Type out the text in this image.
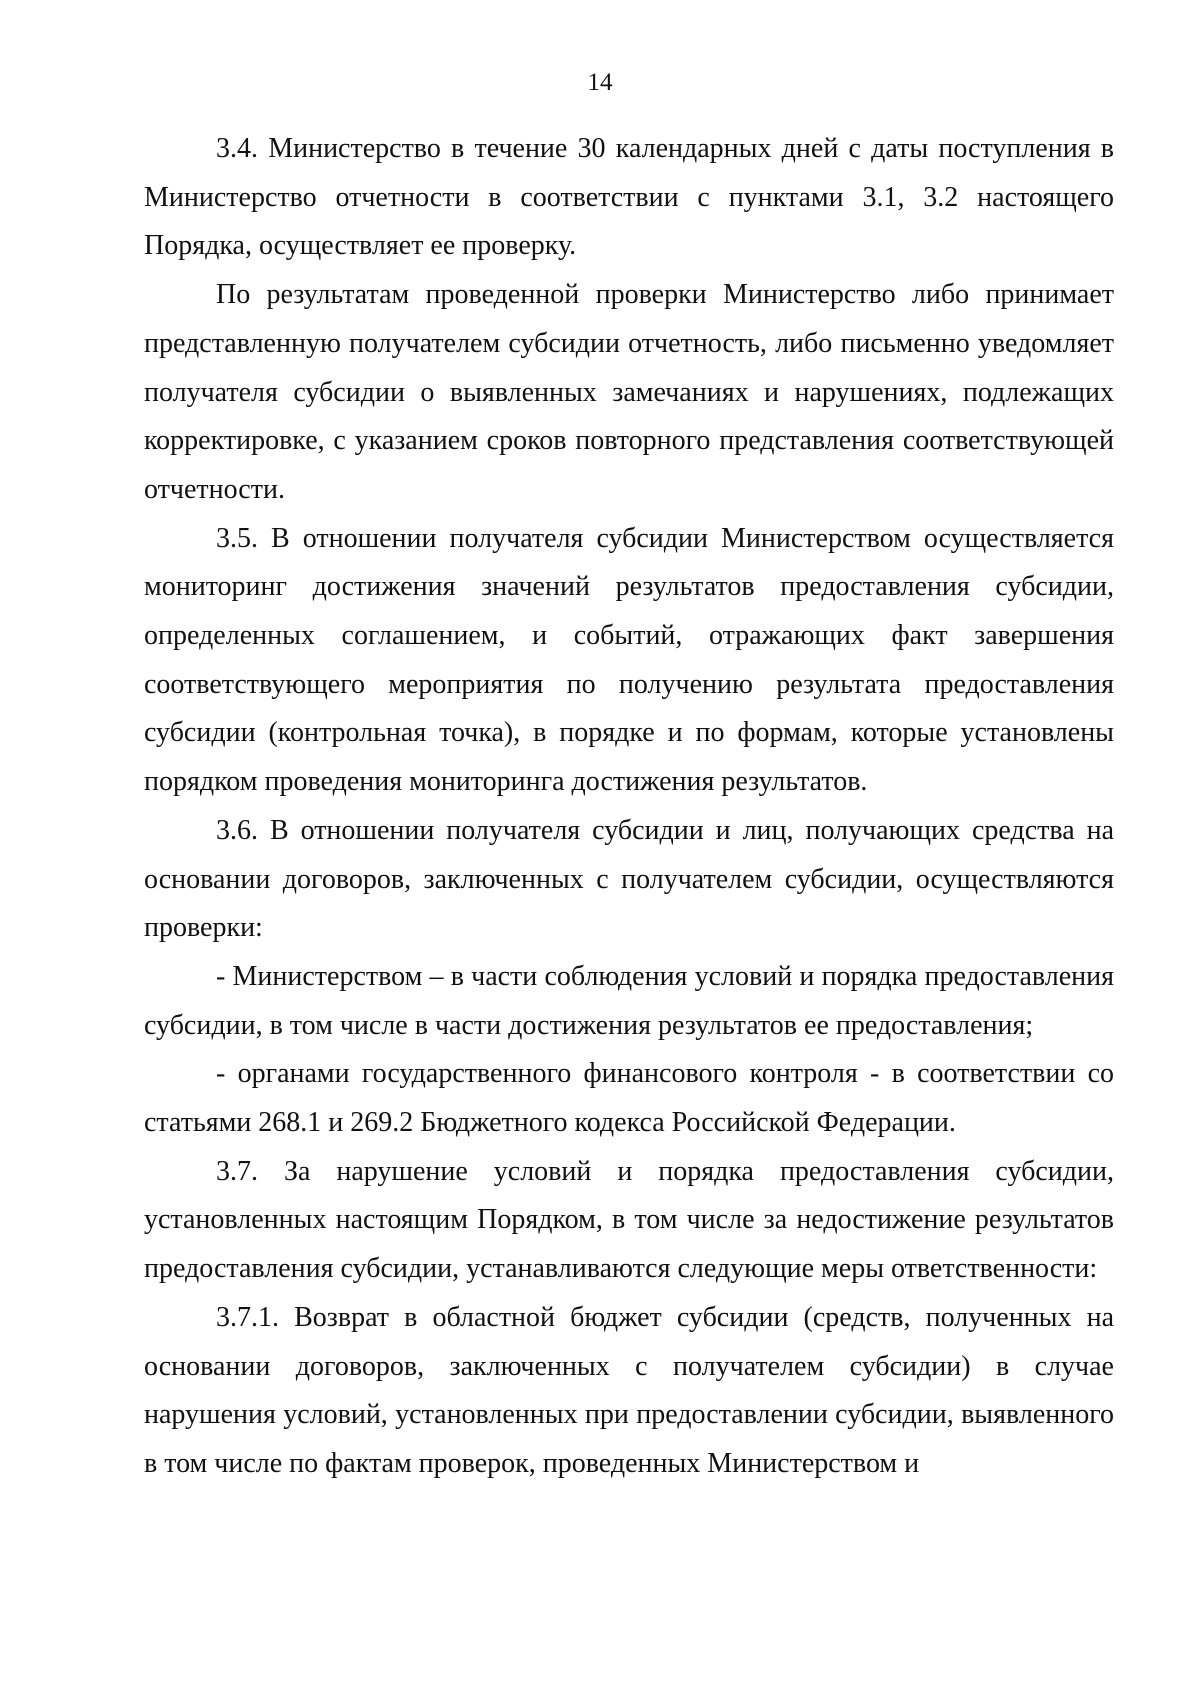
14

3.4. Министерство в течение 30 календарных дней с даты поступления в Министерство отчетности в соответствии с пунктами 3.1, 3.2 настоящего Порядка, осуществляет ее проверку.

По результатам проведенной проверки Министерство либо принимает представленную получателем субсидии отчетность, либо письменно уведомляет получателя субсидии о выявленных замечаниях и нарушениях, подлежащих корректировке, с указанием сроков повторного представления соответствующей отчетности.

3.5. В отношении получателя субсидии Министерством осуществляется мониторинг достижения значений результатов предоставления субсидии, определенных соглашением, и событий, отражающих факт завершения соответствующего мероприятия по получению результата предоставления субсидии (контрольная точка), в порядке и по формам, которые установлены порядком проведения мониторинга достижения результатов.

3.6. В отношении получателя субсидии и лиц, получающих средства на основании договоров, заключенных с получателем субсидии, осуществляются проверки:

- Министерством – в части соблюдения условий и порядка предоставления субсидии, в том числе в части достижения результатов ее предоставления;

- органами государственного финансового контроля - в соответствии со статьями 268.1 и 269.2 Бюджетного кодекса Российской Федерации.

3.7. За нарушение условий и порядка предоставления субсидии, установленных настоящим Порядком, в том числе за недостижение результатов предоставления субсидии, устанавливаются следующие меры ответственности:

3.7.1. Возврат в областной бюджет субсидии (средств, полученных на основании договоров, заключенных с получателем субсидии) в случае нарушения условий, установленных при предоставлении субсидии, выявленного в том числе по фактам проверок, проведенных Министерством и
